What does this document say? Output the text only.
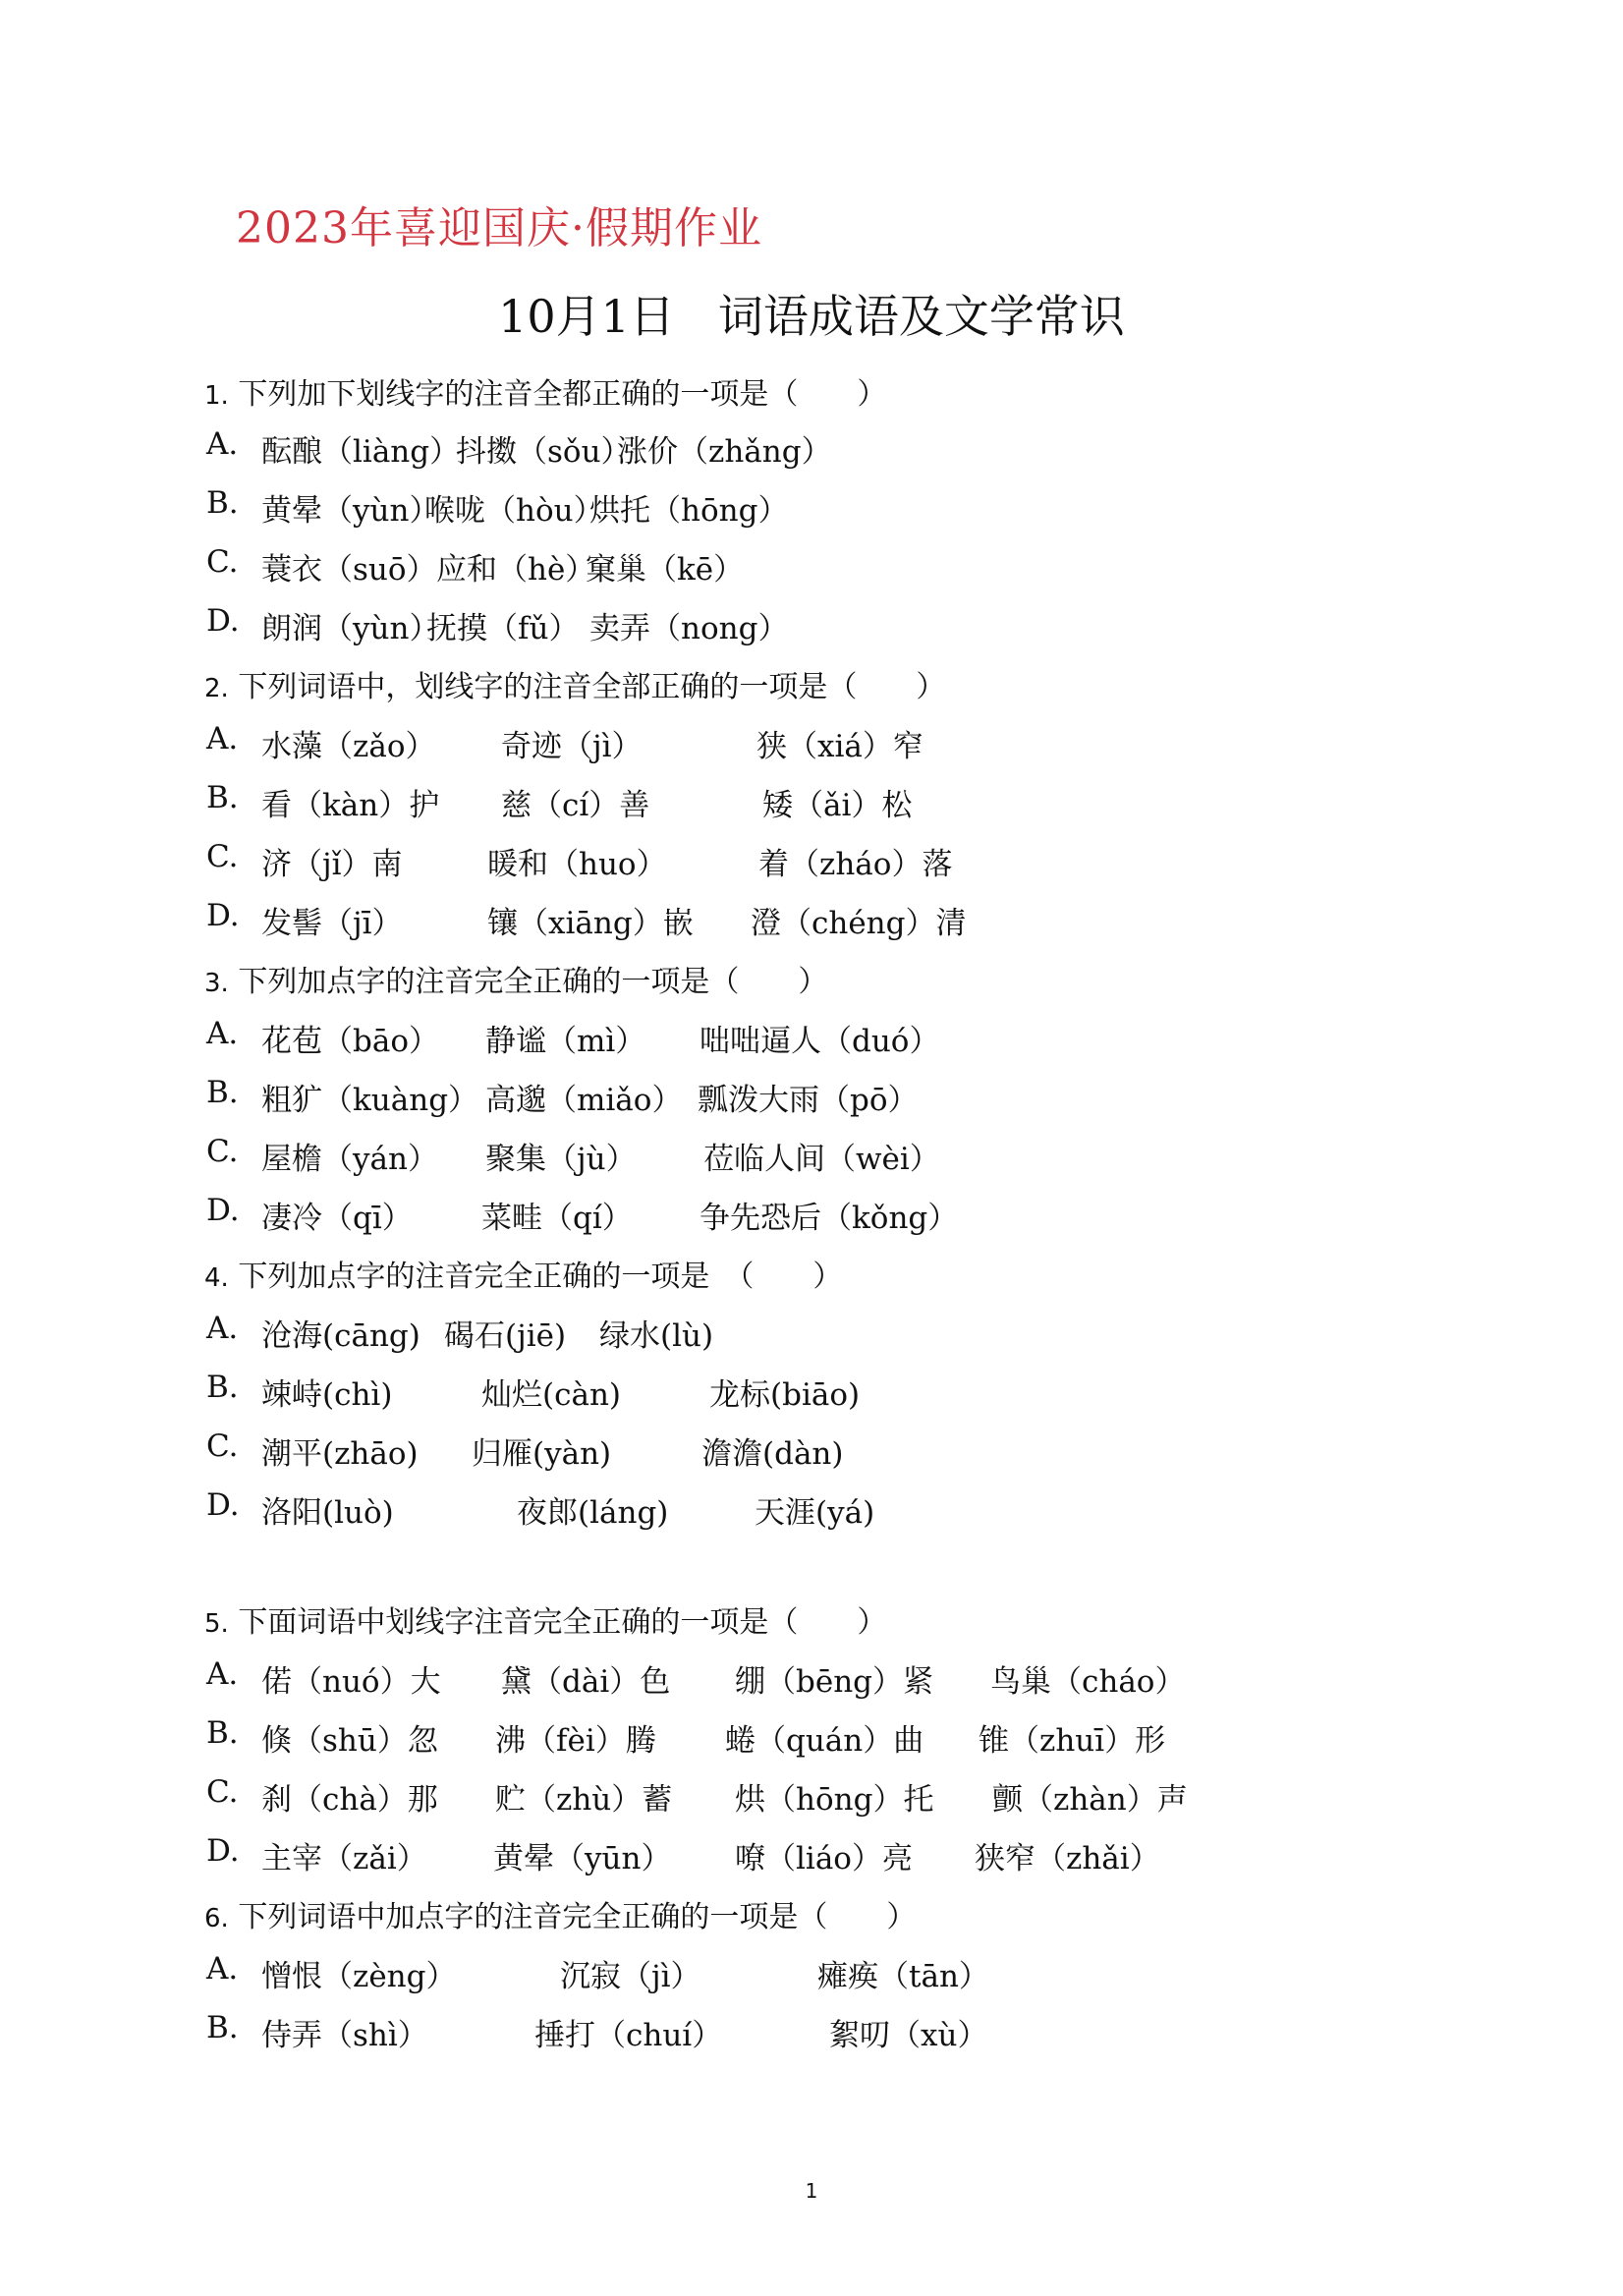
2023年喜迎国庆·假期作业
10月1日 词语成语及文学常识
1. 下列加下划线字的注音全都正确的一项是（　　）
A. 酝酿（liàng）
抖擞（sǒu）
涨价（zhǎng）
B. 黄晕（yùn）
喉咙（hòu）
烘托（hōng）
C. 蓑衣（suō） 应和（hè）
窠巢（kē）
D. 朗润（yùn）
抚摸（fǔ） 卖弄（nong）
2. 下列词语中，划线字的注音全部正确的一项是（　　）
A. 水藻（zǎo） 奇迹（jì）	狭（xiá）窄
B. 看（kàn）护 慈（cí）善	矮（ǎi）松
C. 济（jǐ）南	暖和（huo）	着（zháo）落
D. 发髻（jī）	镶（xiāng）嵌 澄（chéng）清
3. 下列加点字的注音完全正确的一项是（　　）
A. 花苞（bāo） 静谧（mì） 咄咄逼人（duó）
B. 粗犷（kuàng） 高邈（miǎo） 瓢泼大雨（pō）
C. 屋檐（yán） 聚集（jù） 莅临人间（wèi）
D. 凄冷（qī） 菜畦（qí） 争先恐后（kǒng）
4. 下列加点字的注音完全正确的一项是　（　　）
A. 沧海(cāng) 碣石(jiē) 绿水(lù)
B. 竦峙(chì)	灿烂(càn)	龙标(biāo)
C. 潮平(zhāo) 归雁(yàn)	澹澹(dàn)
D. 洛阳(luò)	夜郎(láng)	天涯(yá)
5. 下面词语中划线字注音完全正确的一项是（　　）
A. 偌（nuó）大 黛（dài）色 绷（bēng）紧 鸟巢（cháo）
B. 倏（shū）忽 沸（fèi）腾 蜷（quán）曲 锥（zhuī）形
C. 刹（chà）那 贮（zhù）蓄 烘（hōng）托 颤（zhàn）声
D. 主宰（zǎi） 黄晕（yūn） 嘹（liáo）亮 狭窄（zhǎi）
6. 下列词语中加点字的注音完全正确的一项是（　　）
A. 憎恨（zèng）	沉寂（jì）	瘫痪（tān）
B. 侍弄（shì）	捶打（chuí）	絮叨（xù）
1
